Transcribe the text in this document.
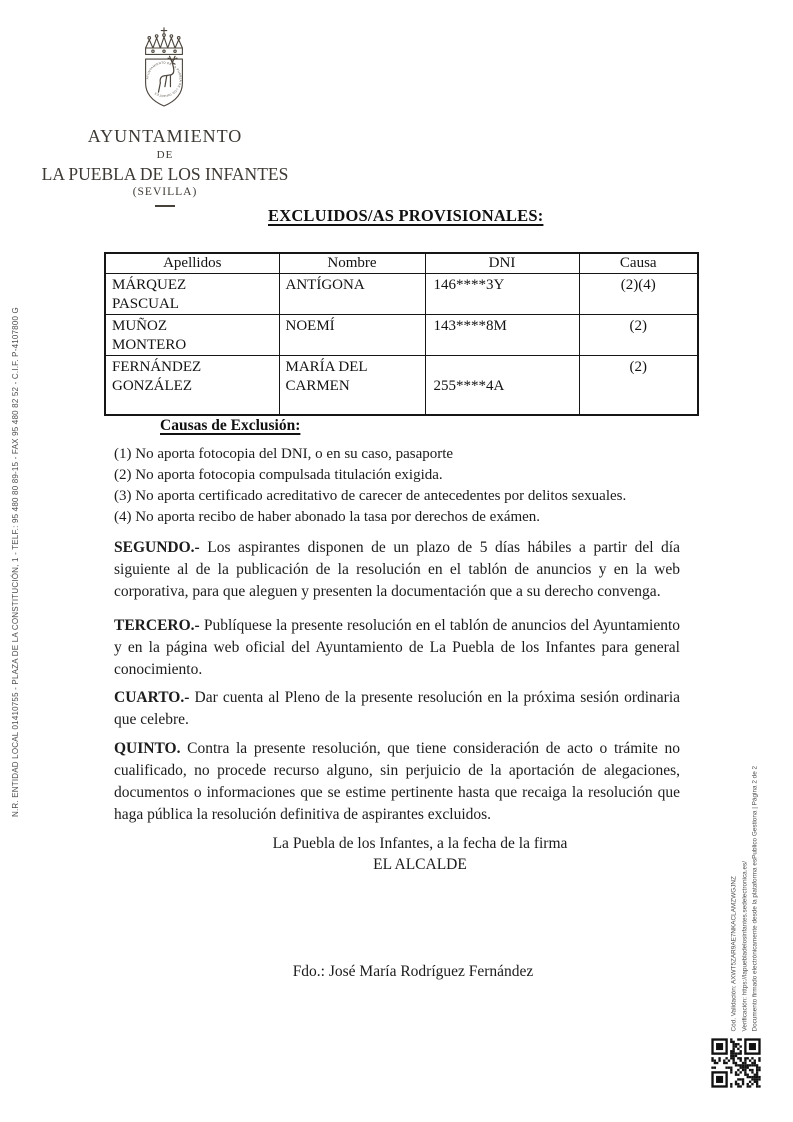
AYUNTAMIENTO DE LA PUEBLA DE LOS INFANTES
AYUNTAMIENTO
DE
LA PUEBLA DE LOS INFANTES
(SEVILLA)
EXCLUIDOS/AS PROVISIONALES:
Apellidos	Nombre	DNI	Causa
MÁRQUEZ PASCUAL	ANTÍGONA	146****3Y	(2)(4)
MUÑOZ MONTERO	NOEMÍ	143****8M	(2)
FERNÁNDEZ GONZÁLEZ	MARÍA DEL CARMEN	255****4A	(2)
Causas de Exclusión:
(1) No aporta fotocopia del DNI, o en su caso, pasaporte
(2) No aporta fotocopia compulsada titulación exigida.
(3) No aporta certificado acreditativo de carecer de antecedentes por delitos sexuales.
(4) No aporta recibo de haber abonado la tasa por derechos de exámen.
SEGUNDO.- Los aspirantes disponen de un plazo de 5 días hábiles a partir del día siguiente al de la publicación de la resolución en el tablón de anuncios y en la web corporativa, para que aleguen y presenten la documentación que a su derecho convenga.
TERCERO.- Publíquese la presente resolución en el tablón de anuncios del Ayuntamiento y en la página web oficial del Ayuntamiento de La Puebla de los Infantes para general conocimiento.
CUARTO.- Dar cuenta al Pleno de la presente resolución en la próxima sesión ordinaria que celebre.
QUINTO. Contra la presente resolución, que tiene consideración de acto o trámite no cualificado, no procede recurso alguno, sin perjuicio de la aportación de alegaciones, documentos o informaciones que se estime pertinente hasta que recaiga la resolución que haga pública la resolución definitiva de aspirantes excluidos.
La Puebla de los Infantes, a la fecha de la firma
EL ALCALDE
Fdo.: José María Rodríguez Fernández
N.R. ENTIDAD LOCAL 01410755 - PLAZA DE LA CONSTITUCIÓN, 1 - TELF.: 95 480 80 89-15 - FAX 95 480 82 52 - C.I.F. P-4107800 G
Cód. Validación: AXWT5ZAR9AE7NKACLAMZWGJNZ Verificación: https://lapuebladelosinfantes.sedelectronica.es/ Documento firmado electrónicamente desde la plataforma esPublico Gestiona | Página 2 de 2
